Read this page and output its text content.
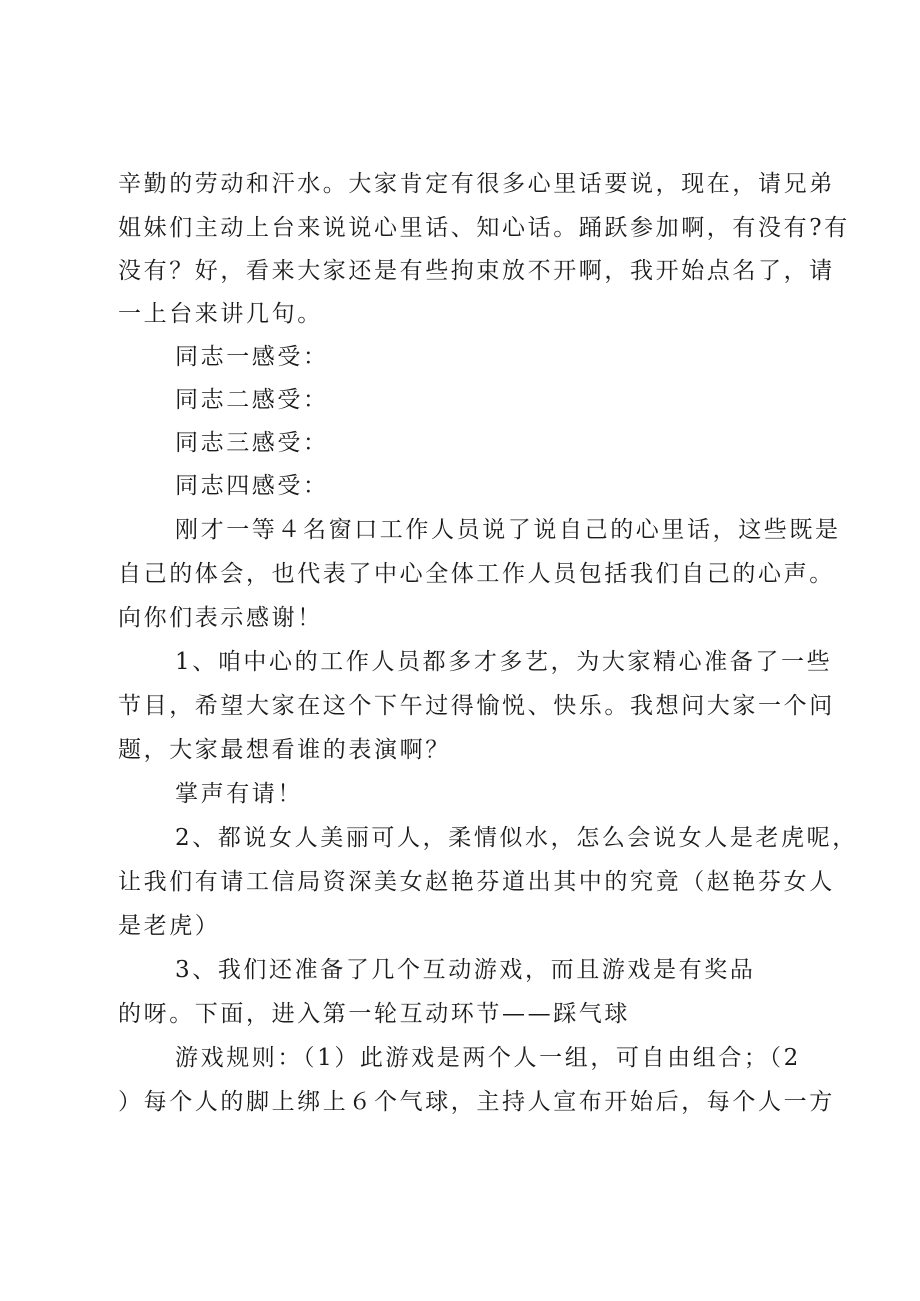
辛勤的劳动和汗水。大家肯定有很多心里话要说，现在，请兄弟
姐妹们主动上台来说说心里话、知心话。踊跃参加啊，有没有?有
没有？好，看来大家还是有些拘束放不开啊，我开始点名了，请
一上台来讲几句。
同志一感受：
同志二感受：
同志三感受：
同志四感受：
刚才一等４名窗口工作人员说了说自己的心里话，这些既是
自己的体会，也代表了中心全体工作人员包括我们自己的心声。
向你们表示感谢！
1、咱中心的工作人员都多才多艺，为大家精心准备了一些
节目，希望大家在这个下午过得愉悦、快乐。我想问大家一个问
题，大家最想看谁的表演啊？
掌声有请！
2、都说女人美丽可人，柔情似水，怎么会说女人是老虎呢，
让我们有请工信局资深美女赵艳芬道出其中的究竟（赵艳芬女人
是老虎）
3、我们还准备了几个互动游戏，而且游戏是有奖品
的呀。下面，进入第一轮互动环节——踩气球
游戏规则：（1）此游戏是两个人一组，可自由组合；（2
）每个人的脚上绑上６个气球，主持人宣布开始后，每个人一方
